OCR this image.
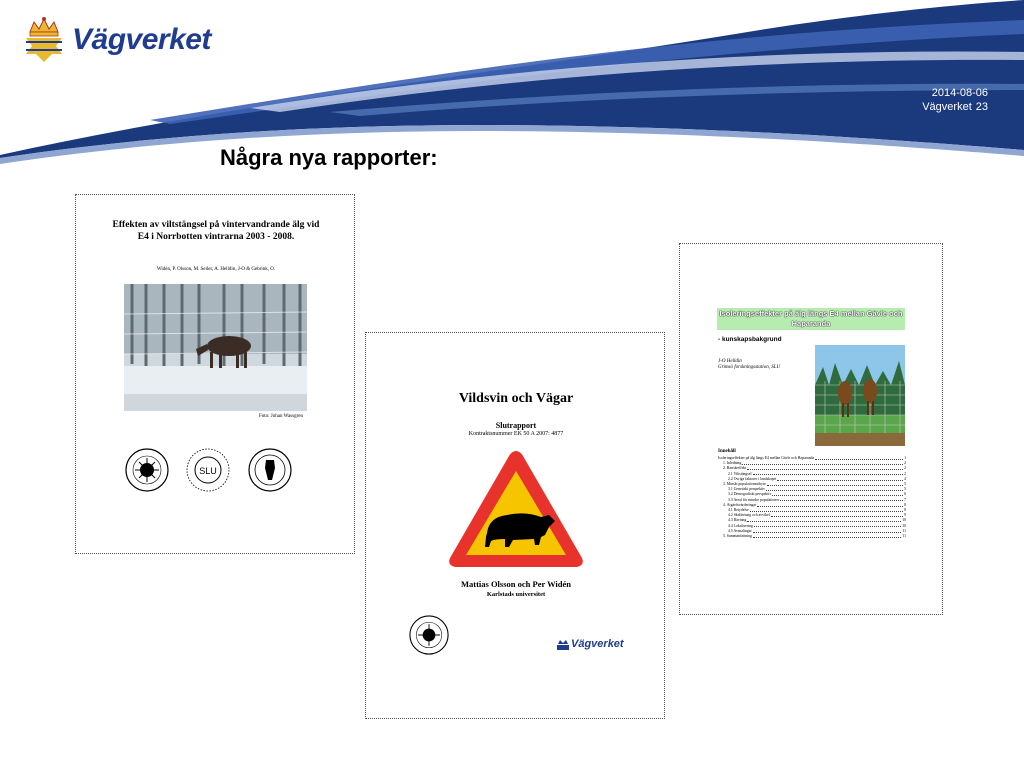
Vägverket
2014-08-06
Vägverket 23
Några nya rapporter:
Effekten av viltstängsel på vintervandrande älg vid E4 i Norrbotten vintrarna 2003 - 2008.
Widén, P. Olsson, M. Seiler, A. Helldin, J-O & Gebrink, O.
Foto: Johan Wassgren
SLU
Vildsvin och Vägar
Slutrapport
Kontraktsnummer EK 50 A 2007: 4877
Mattias Olsson och Per Widén
Karlstads universitet
Vägverket
Isoleringseffekter på älg längs E4 mellan Gävle och Haparanda
- kunskapsbakgrund
J-O Helldin
Grimsö forskningsstation, SLU
Innehåll
Isoleringseffekter på älg längs E4 mellan Gävle och Haparanda	1
1. Inledning	2
2. Barriäreffekt	2
2.1 Viltstängsel	2
2.2 Övriga faktorer i landskapet	4
3. Minskt populationsutbyte	5
3.1 Genetiskt perspektiv	5
3.2 Demografiskt perspektiv	6
3.3 Areal för mindre populationer	7
4. Åtgärdsvärderingar	8
4.1 Betydelse	8
4.2 Skallertung och avvikel	9
4.3 Rävtang	10
4.4 Lokalisering	10
4.5 Avsnalingar	11
5. Sammanfattning	11
